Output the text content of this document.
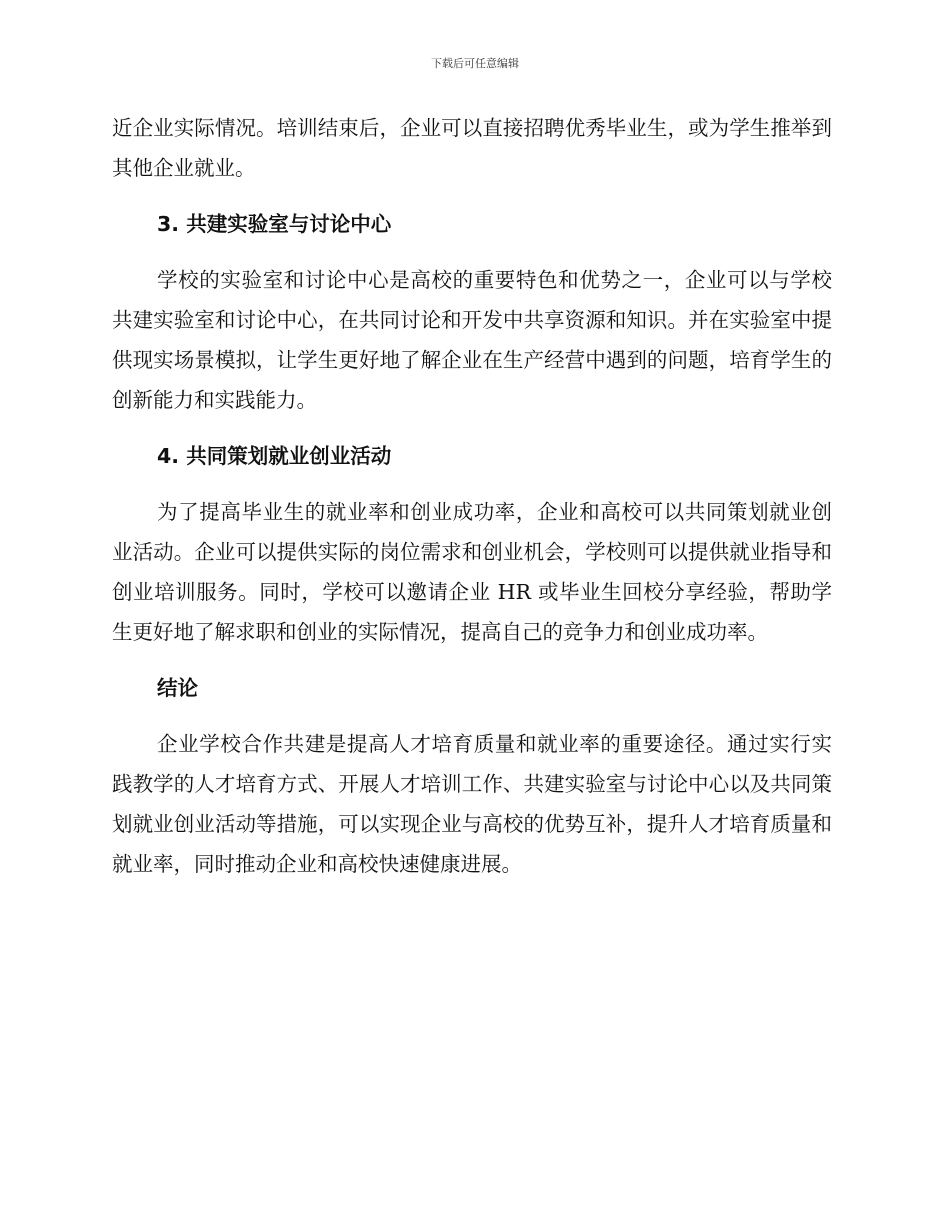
下载后可任意编辑

近企业实际情况。培训结束后，企业可以直接招聘优秀毕业生，或为学生推举到其他企业就业。

3. 共建实验室与讨论中心

学校的实验室和讨论中心是高校的重要特色和优势之一，企业可以与学校共建实验室和讨论中心，在共同讨论和开发中共享资源和知识。并在实验室中提供现实场景模拟，让学生更好地了解企业在生产经营中遇到的问题，培育学生的创新能力和实践能力。

4. 共同策划就业创业活动

为了提高毕业生的就业率和创业成功率，企业和高校可以共同策划就业创业活动。企业可以提供实际的岗位需求和创业机会，学校则可以提供就业指导和创业培训服务。同时，学校可以邀请企业 HR 或毕业生回校分享经验，帮助学生更好地了解求职和创业的实际情况，提高自己的竞争力和创业成功率。

结论

企业学校合作共建是提高人才培育质量和就业率的重要途径。通过实行实践教学的人才培育方式、开展人才培训工作、共建实验室与讨论中心以及共同策划就业创业活动等措施，可以实现企业与高校的优势互补，提升人才培育质量和就业率，同时推动企业和高校快速健康进展。
